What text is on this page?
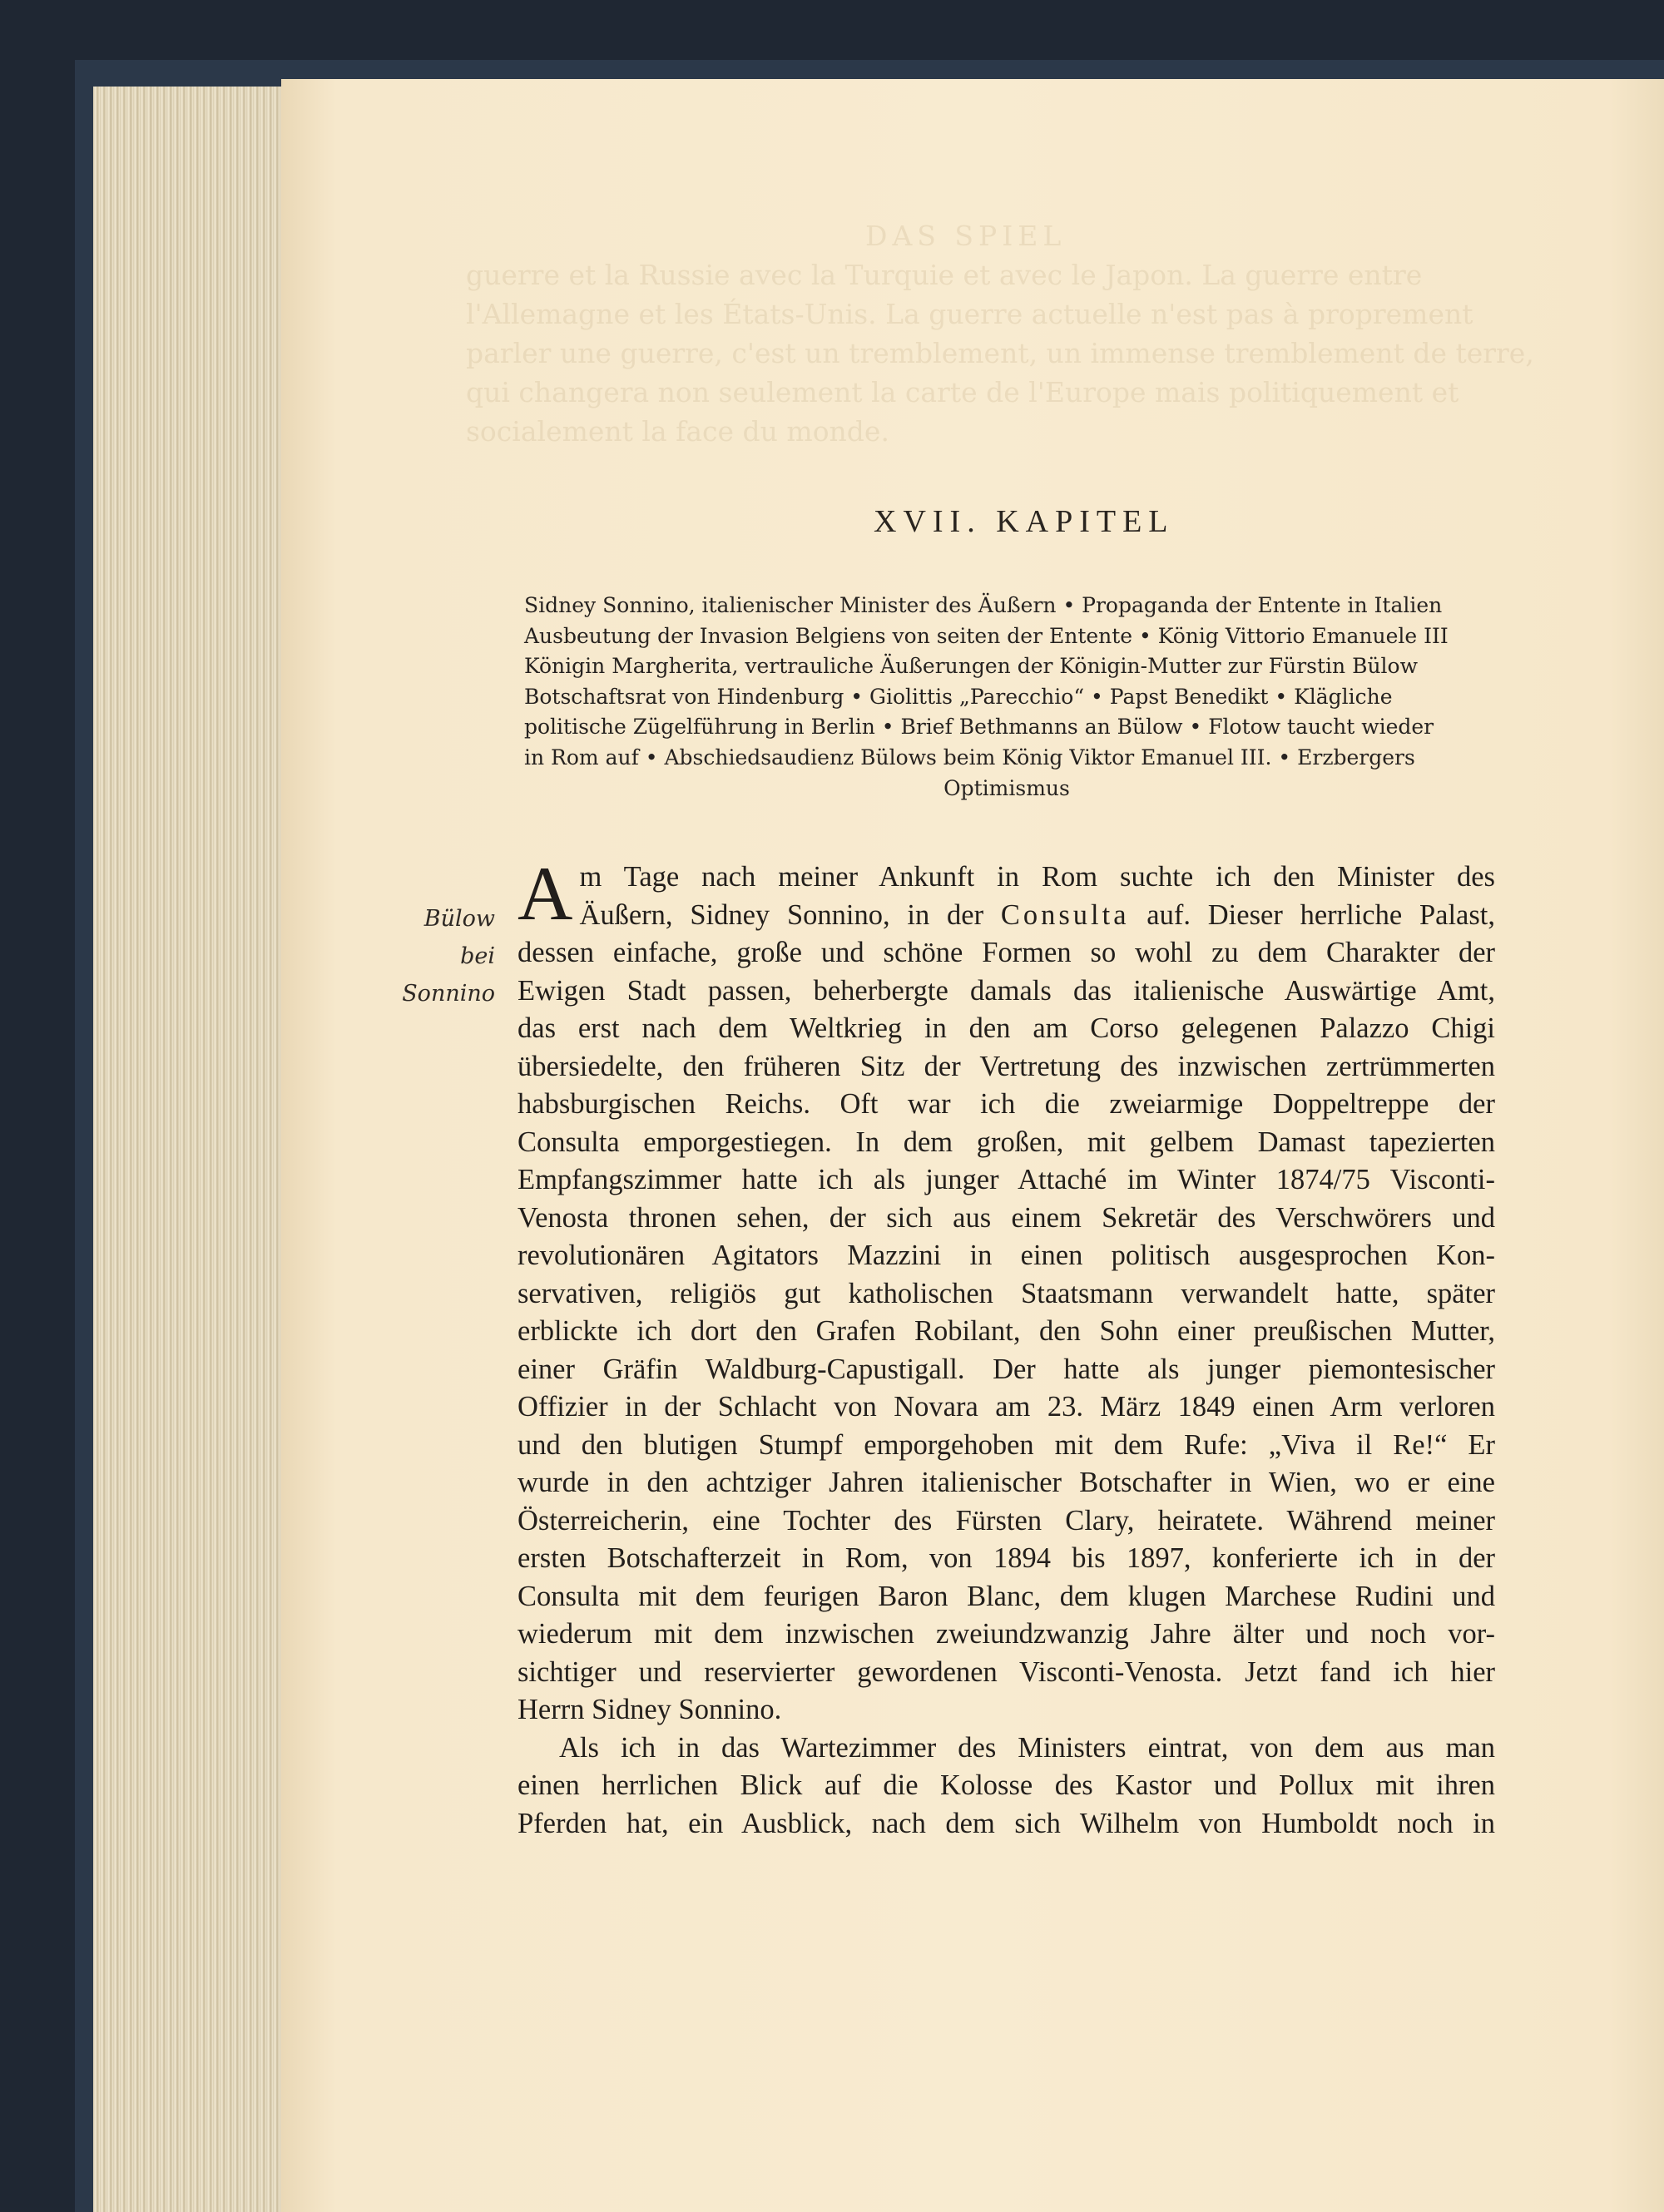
DAS SPIEL
guerre et la Russie avec la Turquie et avec le Japon. La guerre entre
l'Allemagne et les États-Unis. La guerre actuelle n'est pas à proprement
parler une guerre, c'est un tremblement, un immense tremblement de terre,
qui changera non seulement la carte de l'Europe mais politiquement et
socialement la face du monde.
XVII. KAPITEL
Sidney Sonnino, italienischer Minister des Äußern • Propaganda der Entente in Italien
Ausbeutung der Invasion Belgiens von seiten der Entente • König Vittorio Emanuele III
Königin Margherita, vertrauliche Äußerungen der Königin-Mutter zur Fürstin Bülow
Botschaftsrat von Hindenburg • Giolittis „Parecchio“ • Papst Benedikt • Klägliche
politische Zügelführung in Berlin • Brief Bethmanns an Bülow • Flotow taucht wieder
in Rom auf • Abschiedsaudienz Bülows beim König Viktor Emanuel III. • Erzbergers
Optimismus
Bülow bei
Sonnino
A m Tage nach meiner Ankunft in Rom suchte ich den Minister des
Äußern, Sidney Sonnino, in der Consulta auf. Dieser herrliche Palast,
dessen einfache, große und schöne Formen so wohl zu dem Charakter der
Ewigen Stadt passen, beherbergte damals das italienische Auswärtige Amt,
das erst nach dem Weltkrieg in den am Corso gelegenen Palazzo Chigi
übersiedelte, den früheren Sitz der Vertretung des inzwischen zertrümmerten
habsburgischen Reichs. Oft war ich die zweiarmige Doppeltreppe der
Consulta emporgestiegen. In dem großen, mit gelbem Damast tapezierten
Empfangszimmer hatte ich als junger Attaché im Winter 1874/75 Visconti-
Venosta thronen sehen, der sich aus einem Sekretär des Verschwörers und
revolutionären Agitators Mazzini in einen politisch ausgesprochen Kon-
servativen, religiös gut katholischen Staatsmann verwandelt hatte, später
erblickte ich dort den Grafen Robilant, den Sohn einer preußischen Mutter,
einer Gräfin Waldburg-Capustigall. Der hatte als junger piemontesischer
Offizier in der Schlacht von Novara am 23. März 1849 einen Arm verloren
und den blutigen Stumpf emporgehoben mit dem Rufe: „Viva il Re!“ Er
wurde in den achtziger Jahren italienischer Botschafter in Wien, wo er eine
Österreicherin, eine Tochter des Fürsten Clary, heiratete. Während meiner
ersten Botschafterzeit in Rom, von 1894 bis 1897, konferierte ich in der
Consulta mit dem feurigen Baron Blanc, dem klugen Marchese Rudini und
wiederum mit dem inzwischen zweiundzwanzig Jahre älter und noch vor-
sichtiger und reservierter gewordenen Visconti-Venosta. Jetzt fand ich hier
Herrn Sidney Sonnino.
Als ich in das Wartezimmer des Ministers eintrat, von dem aus man
einen herrlichen Blick auf die Kolosse des Kastor und Pollux mit ihren
Pferden hat, ein Ausblick, nach dem sich Wilhelm von Humboldt noch in
